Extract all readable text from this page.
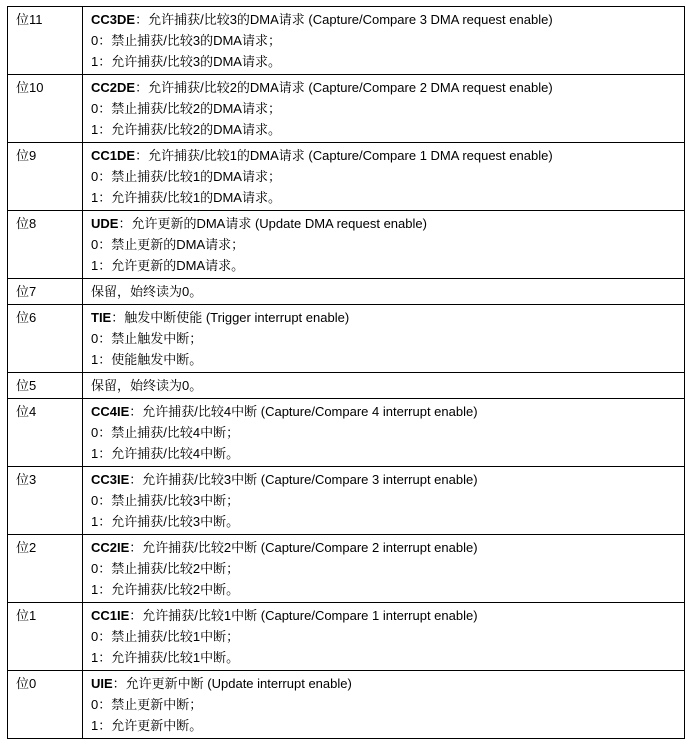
位11	CC3DE：允许捕获/比较3的DMA请求 (Capture/Compare 3 DMA request enable)
0：禁止捕获/比较3的DMA请求；
1：允许捕获/比较3的DMA请求。

位10	CC2DE：允许捕获/比较2的DMA请求 (Capture/Compare 2 DMA request enable)
0：禁止捕获/比较2的DMA请求；
1：允许捕获/比较2的DMA请求。

位9	CC1DE：允许捕获/比较1的DMA请求 (Capture/Compare 1 DMA request enable)
0：禁止捕获/比较1的DMA请求；
1：允许捕获/比较1的DMA请求。

位8	UDE：允许更新的DMA请求 (Update DMA request enable)
0：禁止更新的DMA请求；
1：允许更新的DMA请求。

位7	保留，始终读为0。

位6	TIE：触发中断使能 (Trigger interrupt enable)
0：禁止触发中断；
1：使能触发中断。

位5	保留，始终读为0。

位4	CC4IE：允许捕获/比较4中断 (Capture/Compare 4 interrupt enable)
0：禁止捕获/比较4中断；
1：允许捕获/比较4中断。

位3	CC3IE：允许捕获/比较3中断 (Capture/Compare 3 interrupt enable)
0：禁止捕获/比较3中断；
1：允许捕获/比较3中断。

位2	CC2IE：允许捕获/比较2中断 (Capture/Compare 2 interrupt enable)
0：禁止捕获/比较2中断；
1：允许捕获/比较2中断。

位1	CC1IE：允许捕获/比较1中断 (Capture/Compare 1 interrupt enable)
0：禁止捕获/比较1中断；
1：允许捕获/比较1中断。

位0	UIE：允许更新中断 (Update interrupt enable)
0：禁止更新中断；
1：允许更新中断。
